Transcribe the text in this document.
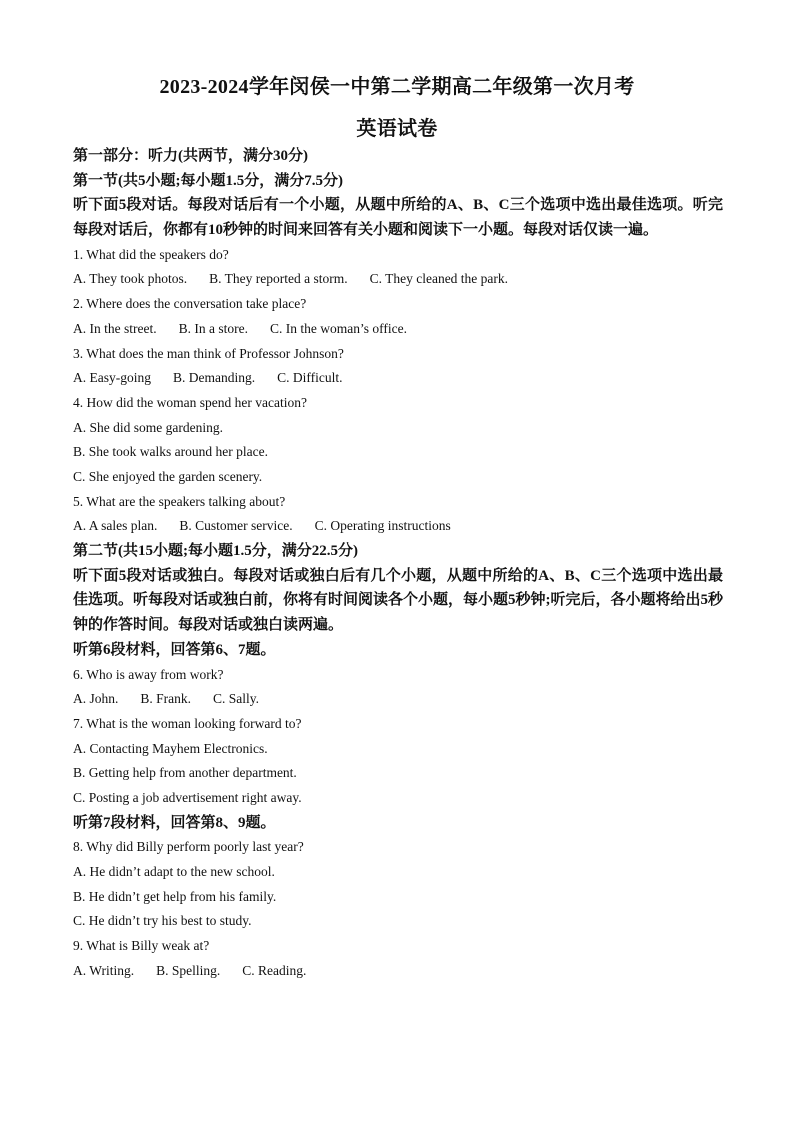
2023-2024学年闵侯一中第二学期高二年级第一次月考
英语试卷
第一部分：听力(共两节，满分30分)
第一节(共5小题;每小题1.5分，满分7.5分)
听下面5段对话。每段对话后有一个小题，从题中所给的A、B、C三个选项中选出最佳选项。听完每段对话后，你都有10秒钟的时间来回答有关小题和阅读下一小题。每段对话仅读一遍。
1. What did the speakers do?
A. They took photos. B. They reported a storm. C. They cleaned the park.
2. Where does the conversation take place?
A. In the street. B. In a store. C. In the woman’s office.
3. What does the man think of Professor Johnson?
A. Easy-going B. Demanding. C. Difficult.
4. How did the woman spend her vacation?
A. She did some gardening.
B. She took walks around her place.
C. She enjoyed the garden scenery.
5. What are the speakers talking about?
A. A sales plan. B. Customer service. C. Operating instructions
第二节(共15小题;每小题1.5分，满分22.5分)
听下面5段对话或独白。每段对话或独白后有几个小题，从题中所给的A、B、C三个选项中选出最佳选项。听每段对话或独白前，你将有时间阅读各个小题，每小题5秒钟;听完后，各小题将给出5秒钟的作答时间。每段对话或独白读两遍。
听第6段材料，回答第6、7题。
6. Who is away from work?
A. John. B. Frank. C. Sally.
7. What is the woman looking forward to?
A. Contacting Mayhem Electronics.
B. Getting help from another department.
C. Posting a job advertisement right away.
听第7段材料，回答第8、9题。
8. Why did Billy perform poorly last year?
A. He didn’t adapt to the new school.
B. He didn’t get help from his family.
C. He didn’t try his best to study.
9. What is Billy weak at?
A. Writing. B. Spelling. C. Reading.
